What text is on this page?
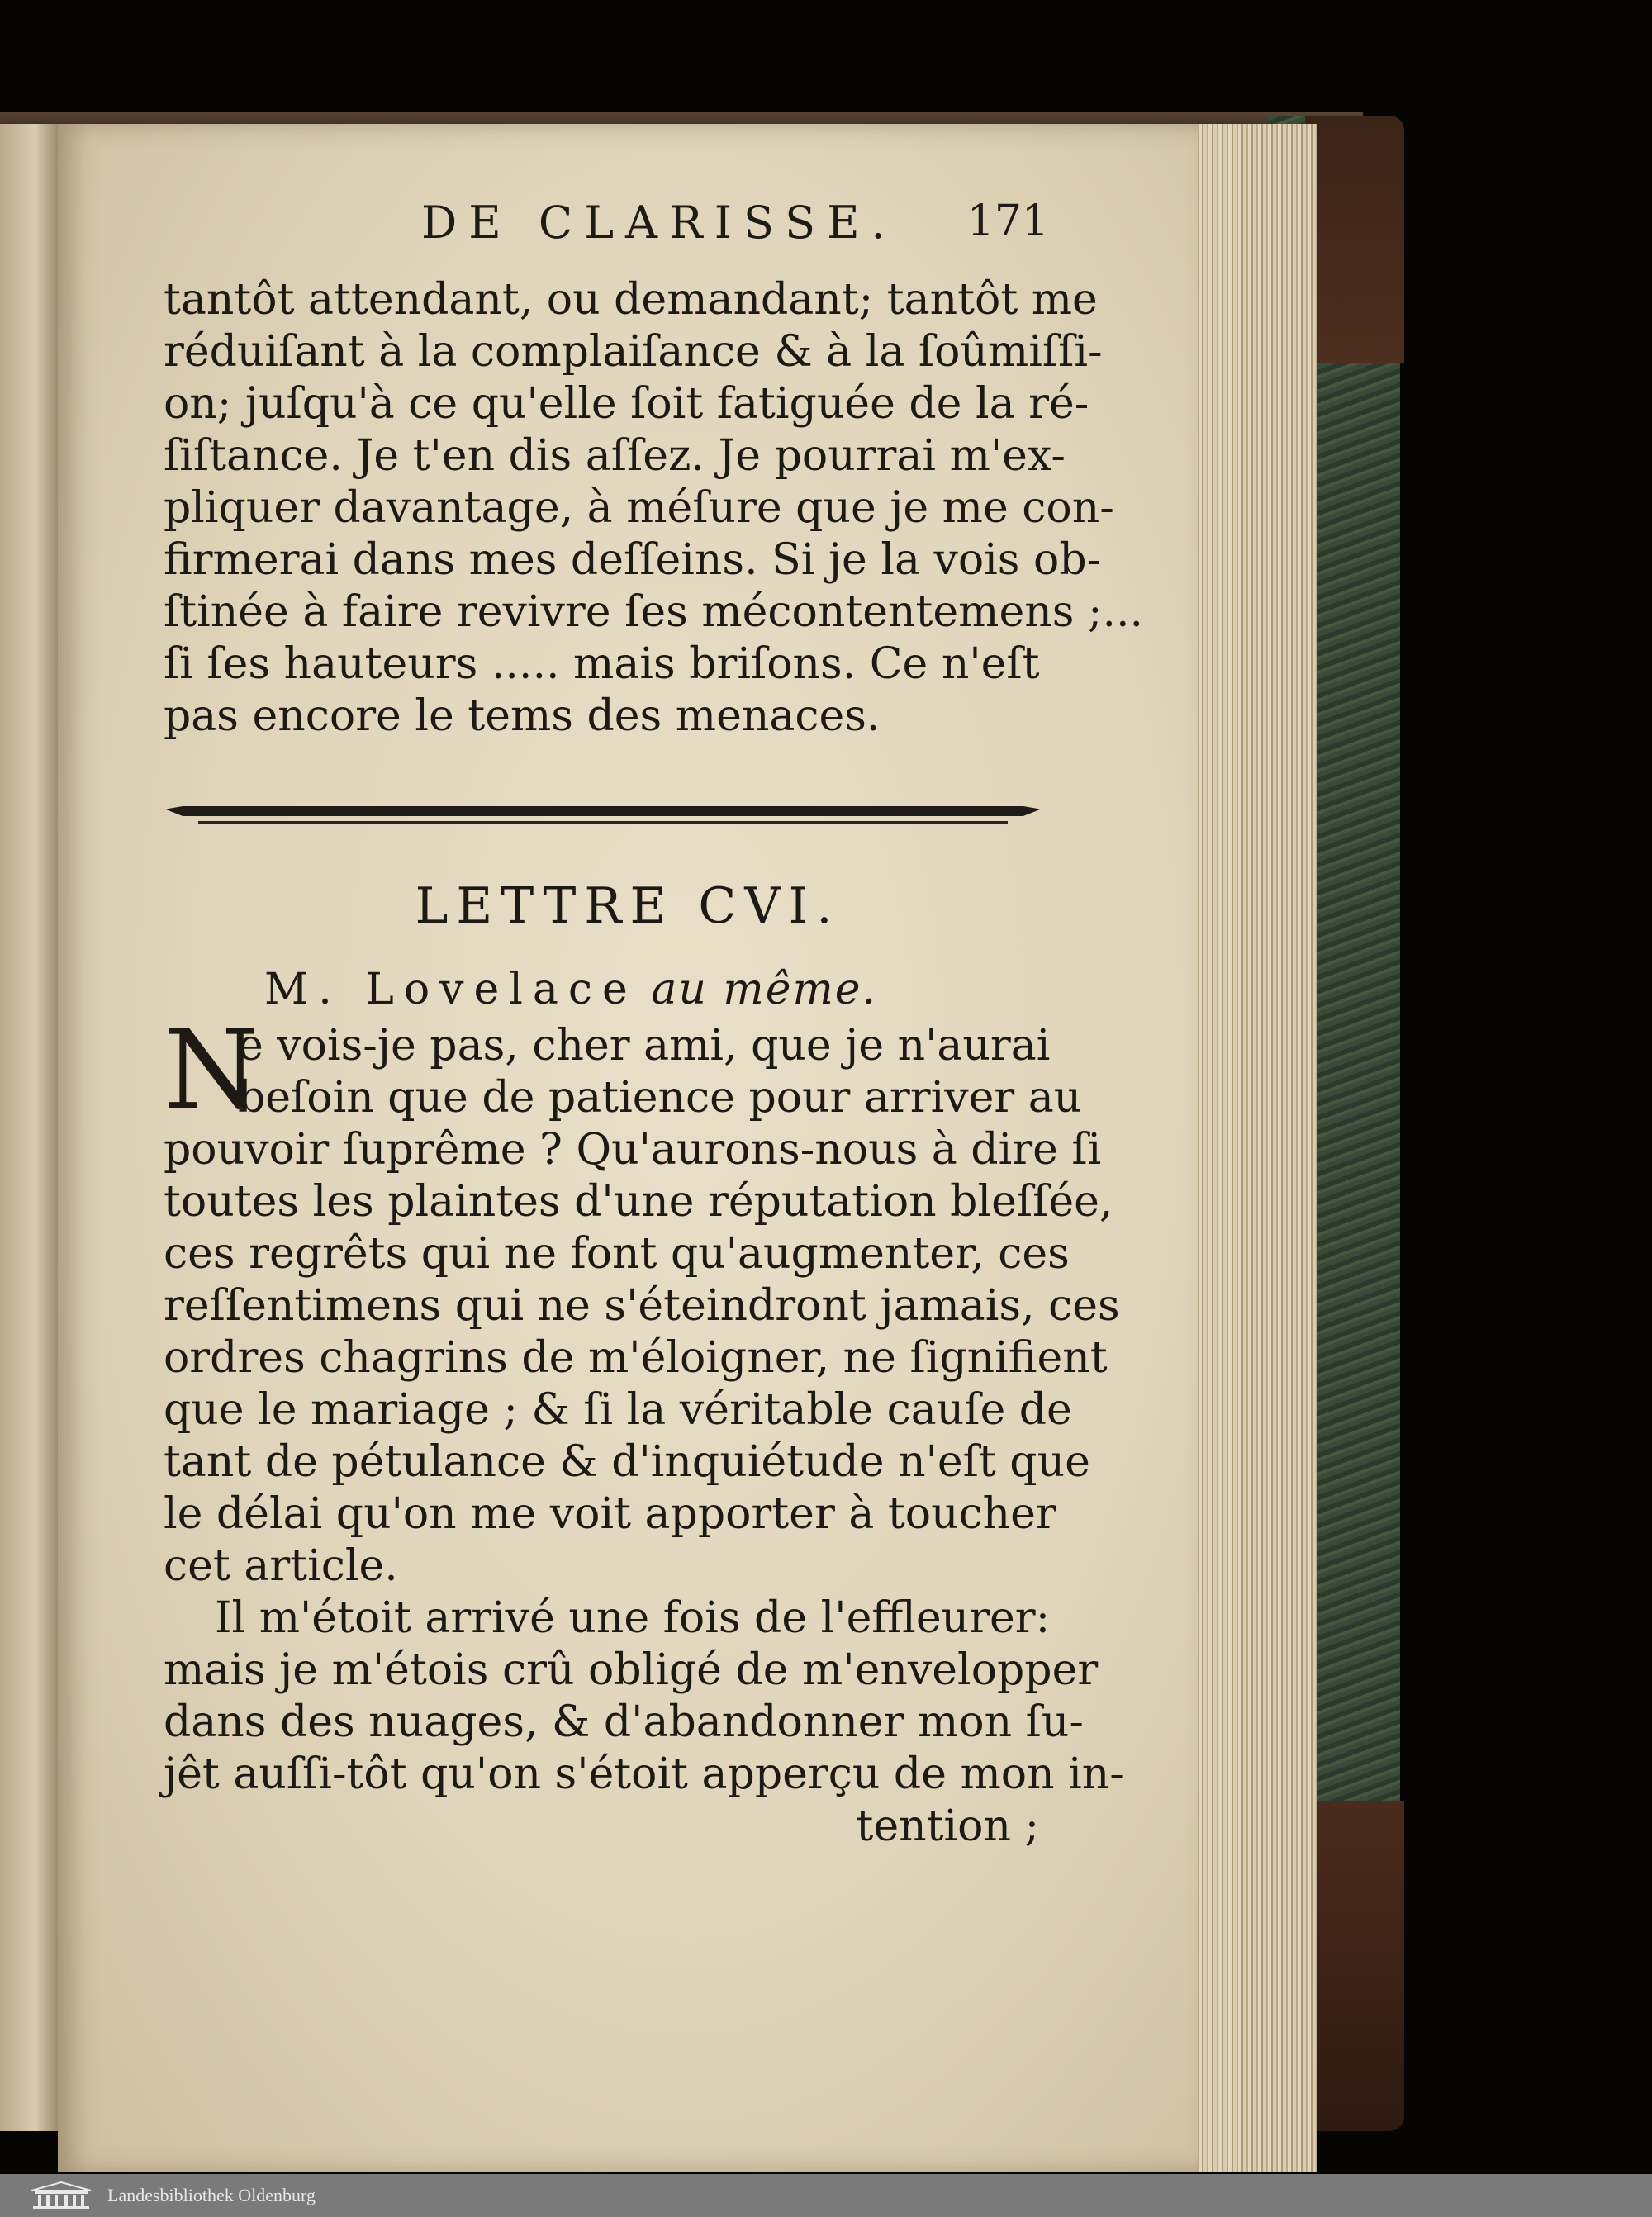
DE CLARISSE. 171
tantôt attendant, ou demandant; tantôt me
réduiſant à la complaiſance & à la ſoûmiſſi-
on; juſqu'à ce qu'elle ſoit fatiguée de la ré-
ſiſtance. Je t'en dis aſſez. Je pourrai m'ex-
pliquer davantage, à méſure que je me con-
firmerai dans mes deſſeins. Si je la vois ob-
ſtinée à faire revivre ſes mécontentemens ;...
ſi ſes hauteurs ..... mais briſons. Ce n'eſt
pas encore le tems des menaces.
LETTRE CVI.
M. Lovelace au même.
N
e vois-je pas, cher ami, que je n'aurai
beſoin que de patience pour arriver au
pouvoir ſuprême ? Qu'aurons-nous à dire ſi
toutes les plaintes d'une réputation bleſſée,
ces regrêts qui ne font qu'augmenter, ces
reſſentimens qui ne s'éteindront jamais, ces
ordres chagrins de m'éloigner, ne ſignifient
que le mariage ; & ſi la véritable cauſe de
tant de pétulance & d'inquiétude n'eſt que
le délai qu'on me voit apporter à toucher
cet article.
Il m'étoit arrivé une fois de l'effleurer:
mais je m'étois crû obligé de m'envelopper
dans des nuages, & d'abandonner mon ſu-
jêt auſſi-tôt qu'on s'étoit apperçu de mon in-
tention ;
Landesbibliothek Oldenburg
